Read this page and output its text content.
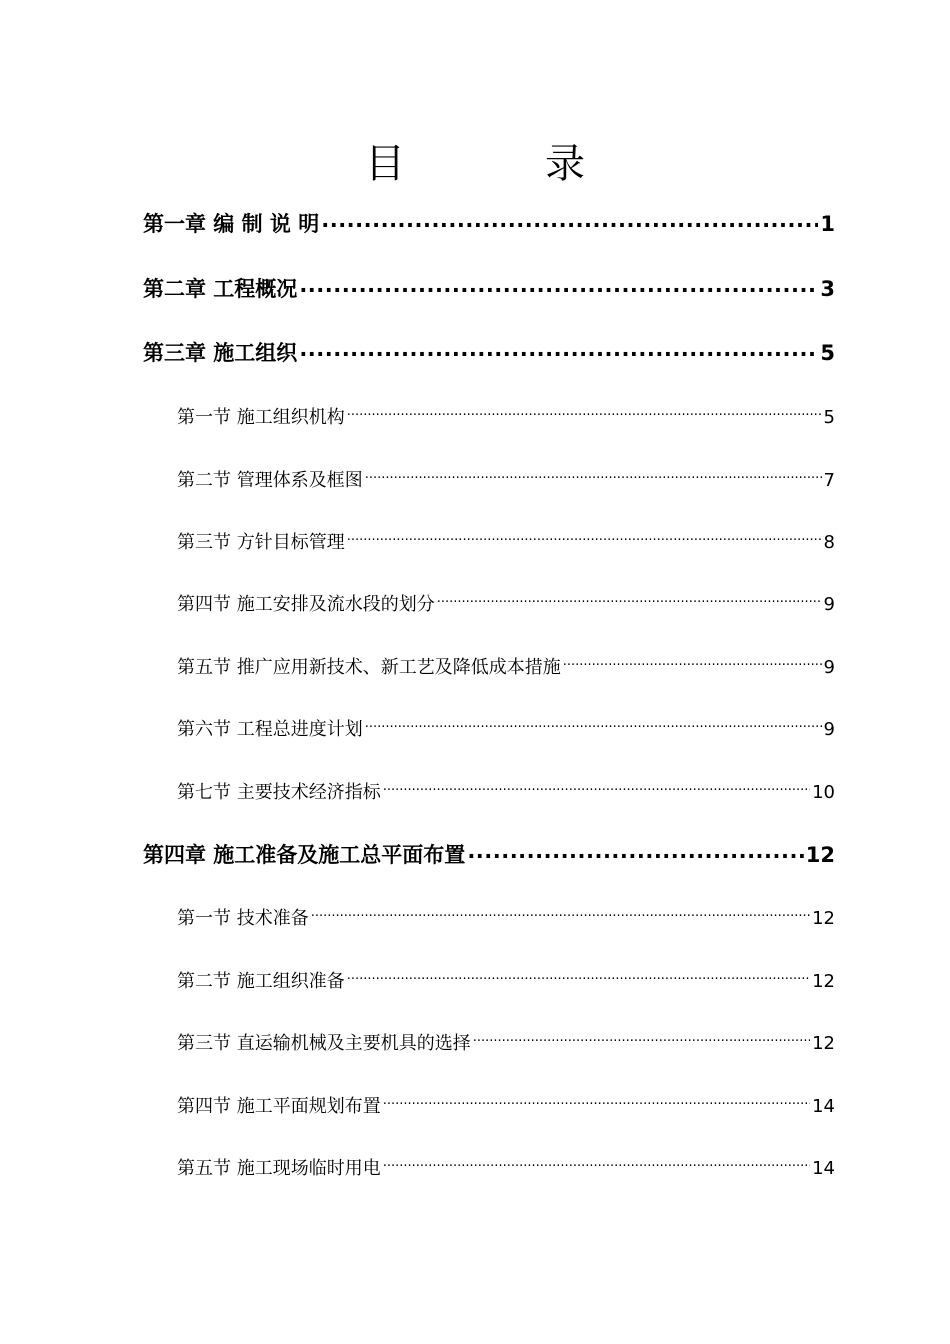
目　录
第一章 编 制 说 明 .....	1
第二章 工程概况 .....	3
第三章 施工组织 .....	5
第一节 施工组织机构 .....	5
第二节 管理体系及框图 .....	7
第三节 方针目标管理 .....	8
第四节 施工安排及流水段的划分 .....	9
第五节 推广应用新技术、新工艺及降低成本措施 .....	9
第六节 工程总进度计划 .....	9
第七节 主要技术经济指标 .....	10
第四章 施工准备及施工总平面布置 .....	12
第一节 技术准备 .....	12
第二节 施工组织准备 .....	12
第三节 直运输机械及主要机具的选择 .....	12
第四节 施工平面规划布置 .....	14
第五节 施工现场临时用电 .....	14
